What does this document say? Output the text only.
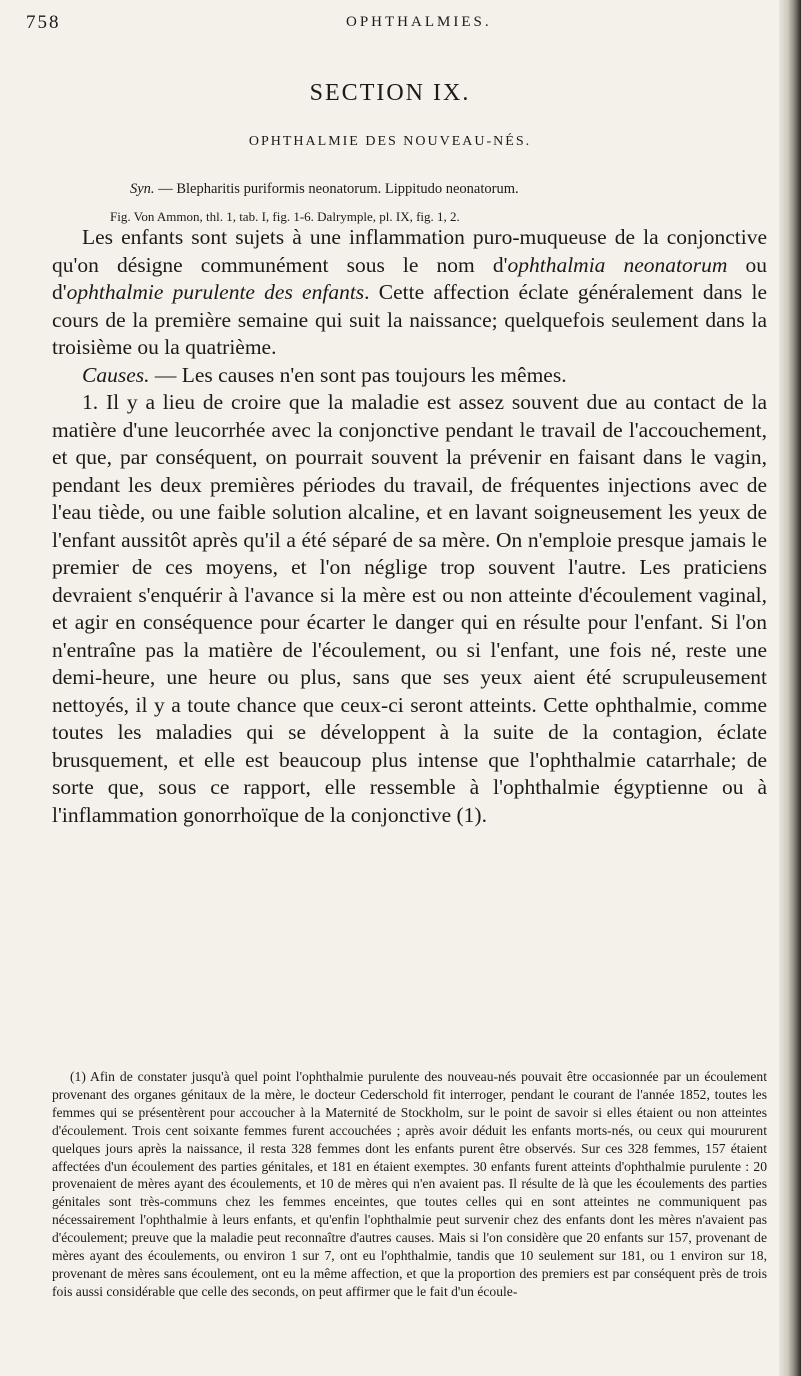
758	OPHTHALMIES.
SECTION IX.
OPHTHALMIE DES NOUVEAU-NÉS.
Syn. — Blepharitis puriformis neonatorum. Lippitudo neonatorum.
Fig. Von Ammon, thl. 1, tab. I, fig. 1-6. Dalrymple, pl. IX, fig. 1, 2.

Les enfants sont sujets à une inflammation puro-muqueuse de la conjonctive qu'on désigne communément sous le nom d'ophthalmia neonatorum ou d'ophthalmie purulente des enfants. Cette affection éclate généralement dans le cours de la première semaine qui suit la naissance; quelquefois seulement dans la troisième ou la quatrième.

Causes. — Les causes n'en sont pas toujours les mêmes.

1. Il y a lieu de croire que la maladie est assez souvent due au contact de la matière d'une leucorrhée avec la conjonctive pendant le travail de l'accouchement, et que, par conséquent, on pourrait souvent la prévenir en faisant dans le vagin, pendant les deux premières périodes du travail, de fréquentes injections avec de l'eau tiède, ou une faible solution alcaline, et en lavant soigneusement les yeux de l'enfant aussitôt après qu'il a été séparé de sa mère. On n'emploie presque jamais le premier de ces moyens, et l'on néglige trop souvent l'autre. Les praticiens devraient s'enquérir à l'avance si la mère est ou non atteinte d'écoulement vaginal, et agir en conséquence pour écarter le danger qui en résulte pour l'enfant. Si l'on n'entraîne pas la matière de l'écoulement, ou si l'enfant, une fois né, reste une demi-heure, une heure ou plus, sans que ses yeux aient été scrupuleusement nettoyés, il y a toute chance que ceux-ci seront atteints. Cette ophthalmie, comme toutes les maladies qui se développent à la suite de la contagion, éclate brusquement, et elle est beaucoup plus intense que l'ophthalmie catarrhale; de sorte que, sous ce rapport, elle ressemble à l'ophthalmie égyptienne ou à l'inflammation gonorrhoïque de la conjonctive (1).

(1) Afin de constater jusqu'à quel point l'ophthalmie purulente des nouveau-nés pouvait être occasionnée par un écoulement provenant des organes génitaux de la mère, le docteur Cederschold fit interroger, pendant le courant de l'année 1852, toutes les femmes qui se présentèrent pour accoucher à la Maternité de Stockholm, sur le point de savoir si elles étaient ou non atteintes d'écoulement. Trois cent soixante femmes furent accouchées ; après avoir déduit les enfants morts-nés, ou ceux qui moururent quelques jours après la naissance, il resta 328 femmes dont les enfants purent être observés. Sur ces 328 femmes, 157 étaient affectées d'un écoulement des parties génitales, et 181 en étaient exemptes. 30 enfants furent atteints d'ophthalmie purulente : 20 provenaient de mères ayant des écoulements, et 10 de mères qui n'en avaient pas. Il résulte de là que les écoulements des parties génitales sont très-communs chez les femmes enceintes, que toutes celles qui en sont atteintes ne communiquent pas nécessairement l'ophthalmie à leurs enfants, et qu'enfin l'ophthalmie peut survenir chez des enfants dont les mères n'avaient pas d'écoulement; preuve que la maladie peut reconnaître d'autres causes. Mais si l'on considère que 20 enfants sur 157, provenant de mères ayant des écoulements, ou environ 1 sur 7, ont eu l'ophthalmie, tandis que 10 seulement sur 181, ou 1 environ sur 18, provenant de mères sans écoulement, ont eu la même affection, et que la proportion des premiers est par conséquent près de trois fois aussi considérable que celle des seconds, on peut affirmer que le fait d'un écoule-
